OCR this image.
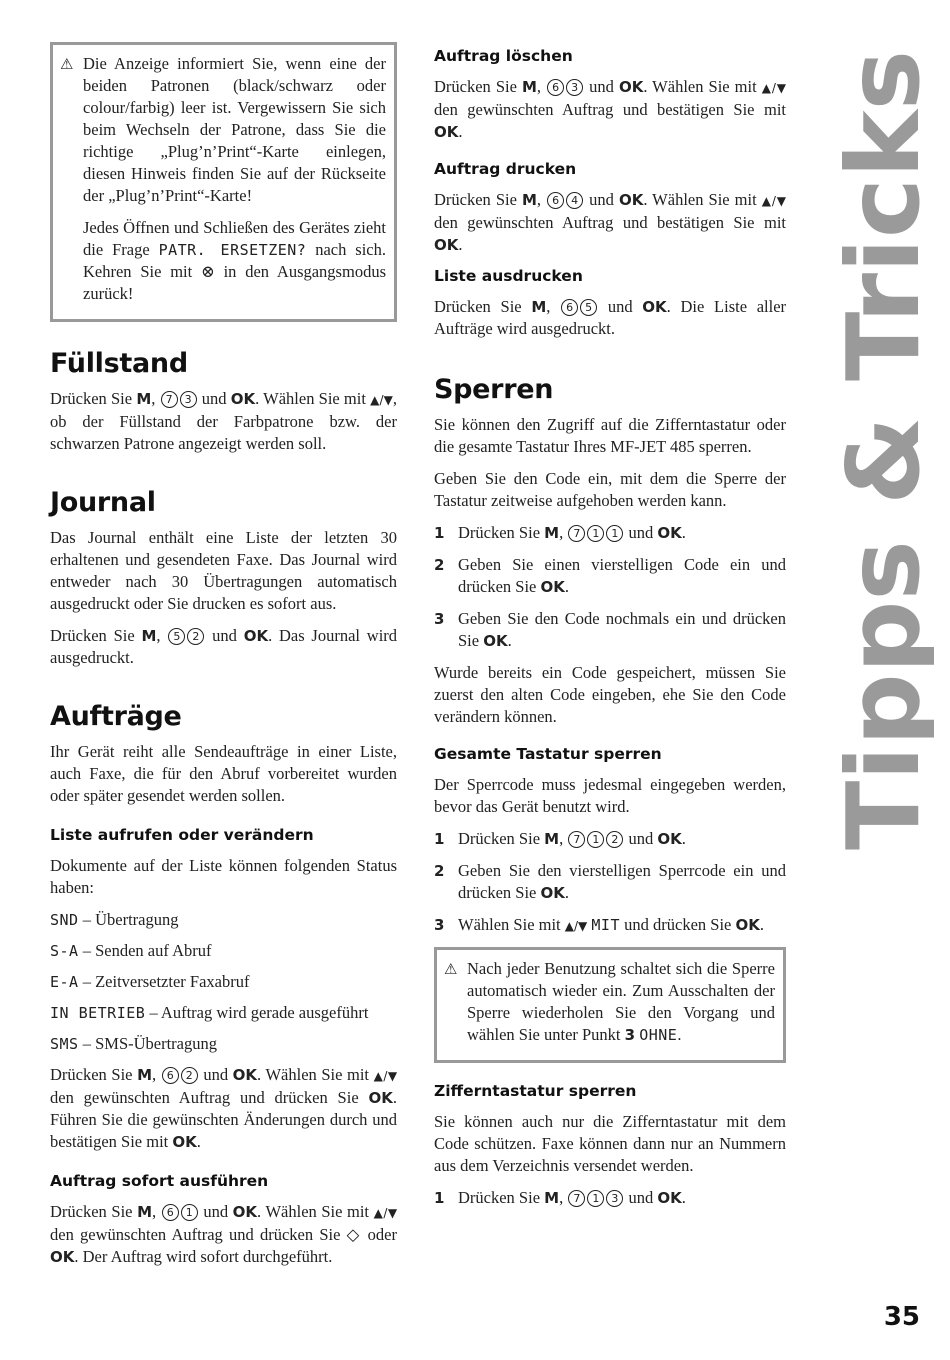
⚠ Die Anzeige informiert Sie, wenn eine der beiden Patronen (black/schwarz oder colour/farbig) leer ist. Vergewissern Sie sich beim Wechseln der Patrone, dass Sie die richtige „Plug’n’Print“-Karte einlegen, diesen Hinweis finden Sie auf der Rückseite der „Plug’n’Print“-Karte!

Jedes Öffnen und Schließen des Gerätes zieht die Frage PATR. ERSETZEN? nach sich. Kehren Sie mit ⊗ in den Ausgangsmodus zurück!

Füllstand

Drücken Sie M, 7 3 und OK. Wählen Sie mit ▲/▼, ob der Füllstand der Farbpatrone bzw. der schwarzen Patrone angezeigt werden soll.

Journal

Das Journal enthält eine Liste der letzten 30 erhaltenen und gesendeten Faxe. Das Journal wird entweder nach 30 Übertragungen automatisch ausgedruckt oder Sie drucken es sofort aus.

Drücken Sie M, 5 2 und OK. Das Journal wird ausgedruckt.

Aufträge

Ihr Gerät reiht alle Sendeaufträge in einer Liste, auch Faxe, die für den Abruf vorbereitet wurden oder später gesendet werden sollen.

Liste aufrufen oder verändern

Dokumente auf der Liste können folgenden Status haben:

SND – Übertragung

S-A – Senden auf Abruf

E-A – Zeitversetzter Faxabruf

IN BETRIEB – Auftrag wird gerade ausgeführt

SMS – SMS-Übertragung

Drücken Sie M, 6 2 und OK. Wählen Sie mit ▲/▼ den gewünschten Auftrag und drücken Sie OK. Führen Sie die gewünschten Änderungen durch und bestätigen Sie mit OK.

Auftrag sofort ausführen

Drücken Sie M, 6 1 und OK. Wählen Sie mit ▲/▼ den gewünschten Auftrag und drücken Sie ◇ oder OK. Der Auftrag wird sofort durchgeführt.

Auftrag löschen

Drücken Sie M, 6 3 und OK. Wählen Sie mit ▲/▼ den gewünschten Auftrag und bestätigen Sie mit OK.

Auftrag drucken

Drücken Sie M, 6 4 und OK. Wählen Sie mit ▲/▼ den gewünschten Auftrag und bestätigen Sie mit OK.

Liste ausdrucken

Drücken Sie M, 6 5 und OK. Die Liste aller Aufträge wird ausgedruckt.

Sperren

Sie können den Zugriff auf die Zifferntastatur oder die gesamte Tastatur Ihres MF-JET 485 sperren.

Geben Sie den Code ein, mit dem die Sperre der Tastatur zeitweise aufgehoben werden kann.

1 Drücken Sie M, 7 1 1 und OK.
2 Geben Sie einen vierstelligen Code ein und drücken Sie OK.
3 Geben Sie den Code nochmals ein und drücken Sie OK.

Wurde bereits ein Code gespeichert, müssen Sie zuerst den alten Code eingeben, ehe Sie den Code verändern können.

Gesamte Tastatur sperren

Der Sperrcode muss jedesmal eingegeben werden, bevor das Gerät benutzt wird.

1 Drücken Sie M, 7 1 2 und OK.
2 Geben Sie den vierstelligen Sperrcode ein und drücken Sie OK.
3 Wählen Sie mit ▲/▼ MIT und drücken Sie OK.
⚠ Nach jeder Benutzung schaltet sich die Sperre automatisch wieder ein. Zum Ausschalten der Sperre wiederholen Sie den Vorgang und wählen Sie unter Punkt 3 OHNE.

Zifferntastatur sperren

Sie können auch nur die Zifferntastatur mit dem Code schützen. Faxe können dann nur an Nummern aus dem Verzeichnis versendet werden.

1 Drücken Sie M, 7 1 3 und OK.
Tipps & Tricks
35
